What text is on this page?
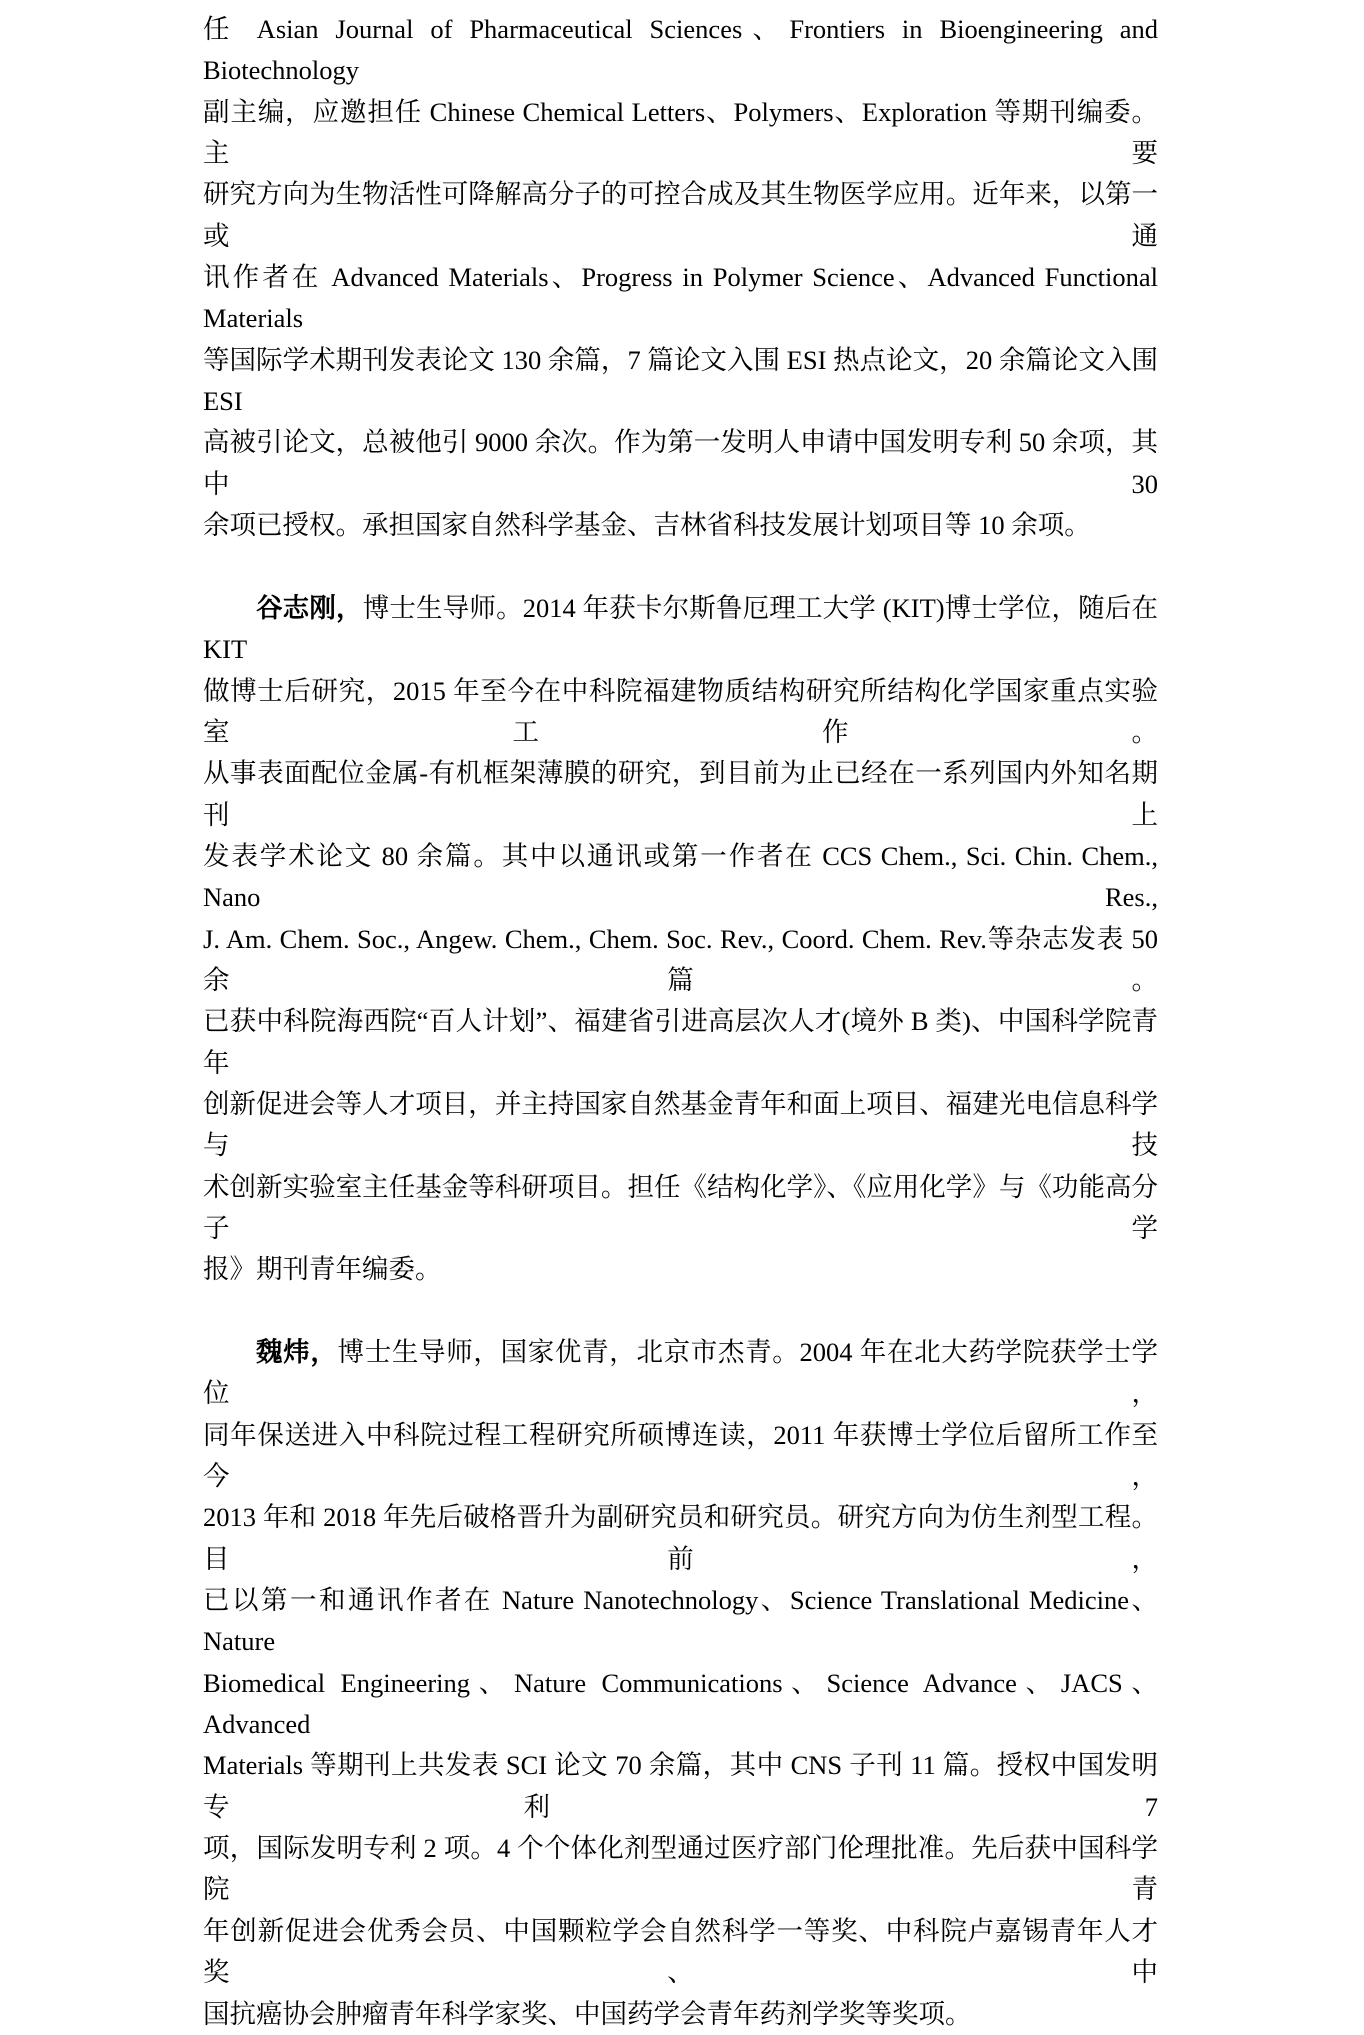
任 Asian Journal of Pharmaceutical Sciences、Frontiers in Bioengineering and Biotechnology
副主编，应邀担任 Chinese Chemical Letters、Polymers、Exploration 等期刊编委。主要
研究方向为生物活性可降解高分子的可控合成及其生物医学应用。近年来，以第一或通
讯作者在 Advanced Materials、Progress in Polymer Science、Advanced Functional Materials
等国际学术期刊发表论文 130 余篇，7 篇论文入围 ESI 热点论文，20 余篇论文入围 ESI
高被引论文，总被他引 9000 余次。作为第一发明人申请中国发明专利 50 余项，其中 30
余项已授权。承担国家自然科学基金、吉林省科技发展计划项目等 10 余项。
谷志刚，博士生导师。2014 年获卡尔斯鲁厄理工大学 (KIT)博士学位，随后在 KIT
做博士后研究，2015 年至今在中科院福建物质结构研究所结构化学国家重点实验室工作。
从事表面配位金属-有机框架薄膜的研究，到目前为止已经在一系列国内外知名期刊上
发表学术论文 80 余篇。其中以通讯或第一作者在 CCS Chem., Sci. Chin. Chem., Nano Res.,
J. Am. Chem. Soc., Angew. Chem., Chem. Soc. Rev., Coord. Chem. Rev.等杂志发表 50 余篇。
已获中科院海西院“百人计划”、福建省引进高层次人才(境外 B 类)、中国科学院青年
创新促进会等人才项目，并主持国家自然基金青年和面上项目、福建光电信息科学与技
术创新实验室主任基金等科研项目。担任《结构化学》、《应用化学》与《功能高分子学
报》期刊青年编委。
魏炜，博士生导师，国家优青，北京市杰青。2004 年在北大药学院获学士学位，
同年保送进入中科院过程工程研究所硕博连读，2011 年获博士学位后留所工作至今，
2013 年和 2018 年先后破格晋升为副研究员和研究员。研究方向为仿生剂型工程。目前，
已以第一和通讯作者在 Nature Nanotechnology、Science Translational Medicine、Nature
Biomedical Engineering、Nature Communications、Science Advance、JACS、Advanced
Materials 等期刊上共发表 SCI 论文 70 余篇，其中 CNS 子刊 11 篇。授权中国发明专利 7
项，国际发明专利 2 项。4 个个体化剂型通过医疗部门伦理批准。先后获中国科学院青
年创新促进会优秀会员、中国颗粒学会自然科学一等奖、中科院卢嘉锡青年人才奖、中
国抗癌协会肿瘤青年科学家奖、中国药学会青年药剂学奖等奖项。
